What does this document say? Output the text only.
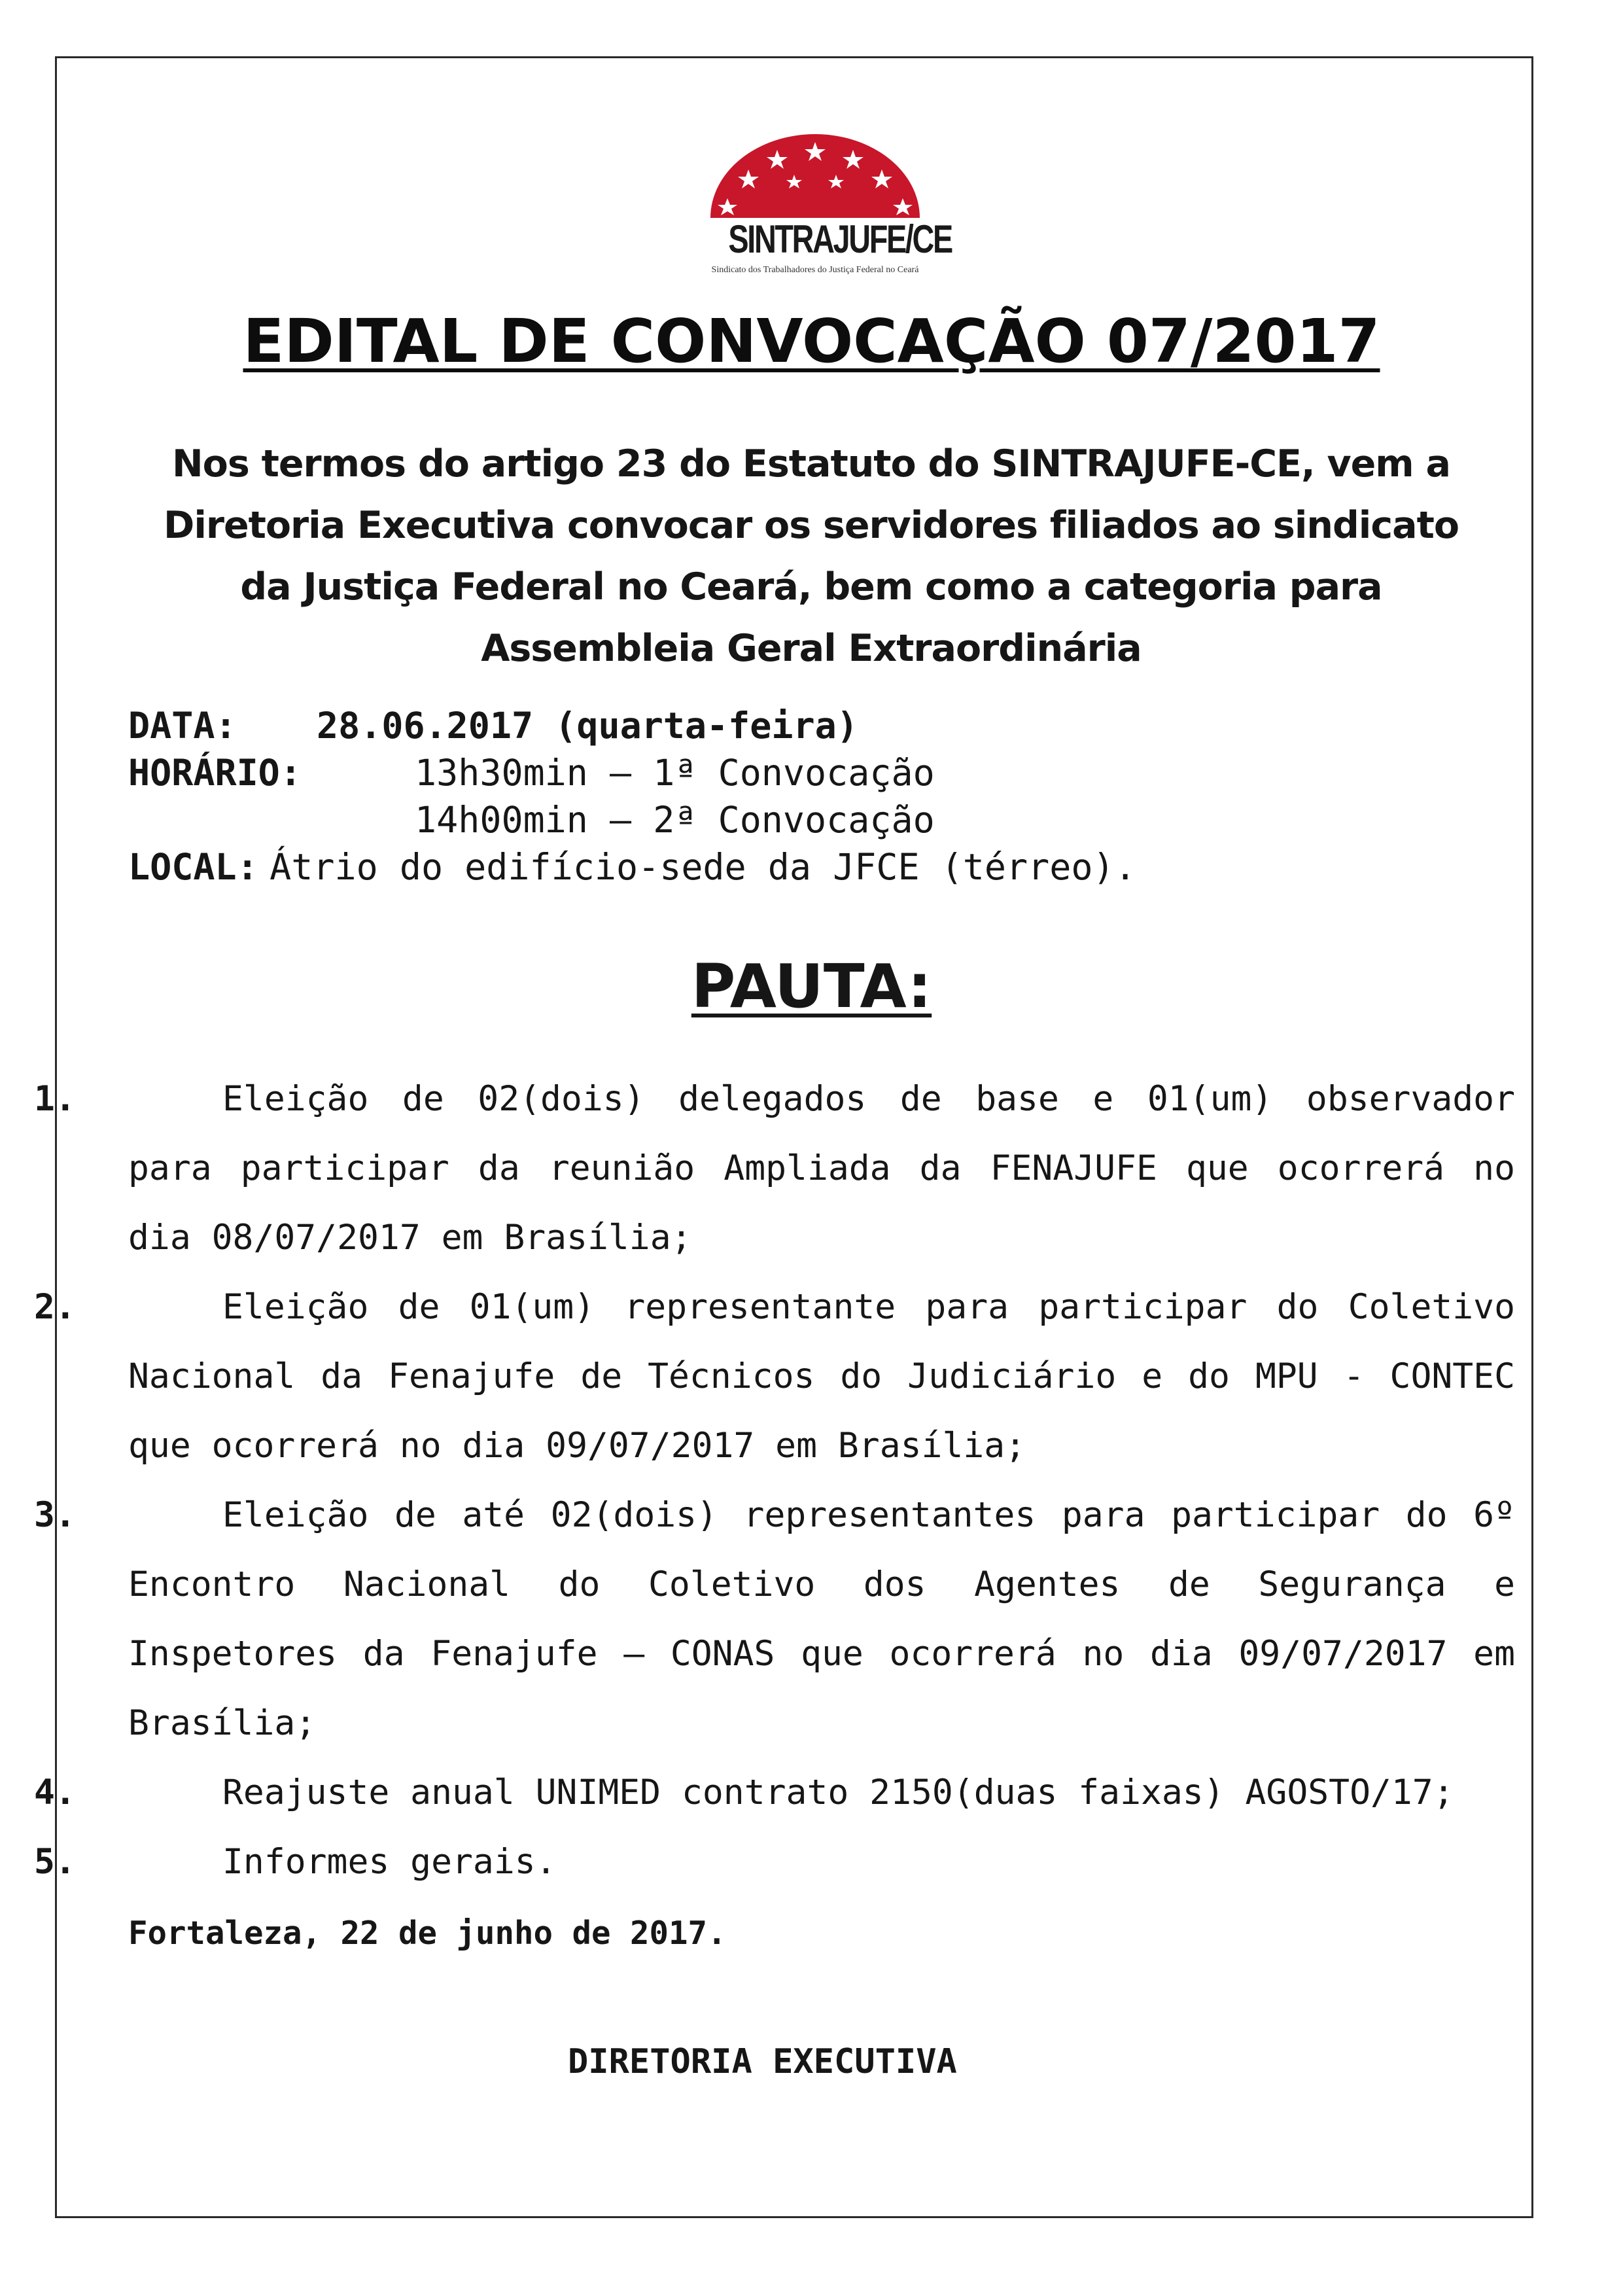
SINTRAJUFE/CE
Sindicato dos Trabalhadores do Justiça Federal no Ceará
EDITAL DE CONVOCAÇÃO 07/2017
Nos termos do artigo 23 do Estatuto do SINTRAJUFE-CE, vem a Diretoria Executiva convocar os servidores filiados ao sindicato da Justiça Federal no Ceará, bem como a categoria para Assembleia Geral Extraordinária
DATA: 28.06.2017 (quarta-feira)
HORÁRIO:	13h30min – 1ª Convocação
14h00min – 2ª Convocação
LOCAL: Átrio do edifício-sede da JFCE (térreo).
PAUTA:
1.	Eleição de 02(dois) delegados de base e 01(um) observador para participar da reunião Ampliada da FENAJUFE que ocorrerá no dia 08/07/2017 em Brasília;
2.	Eleição de 01(um) representante para participar do Coletivo Nacional da Fenajufe de Técnicos do Judiciário e do MPU - CONTEC que ocorrerá no dia 09/07/2017 em Brasília;
3.	Eleição de até 02(dois) representantes para participar do 6º Encontro Nacional do Coletivo dos Agentes de Segurança e Inspetores da Fenajufe – CONAS que ocorrerá no dia 09/07/2017 em Brasília;
4.	Reajuste anual UNIMED contrato 2150(duas faixas) AGOSTO/17;
5.	Informes gerais.
Fortaleza, 22 de junho de 2017.
DIRETORIA EXECUTIVA
